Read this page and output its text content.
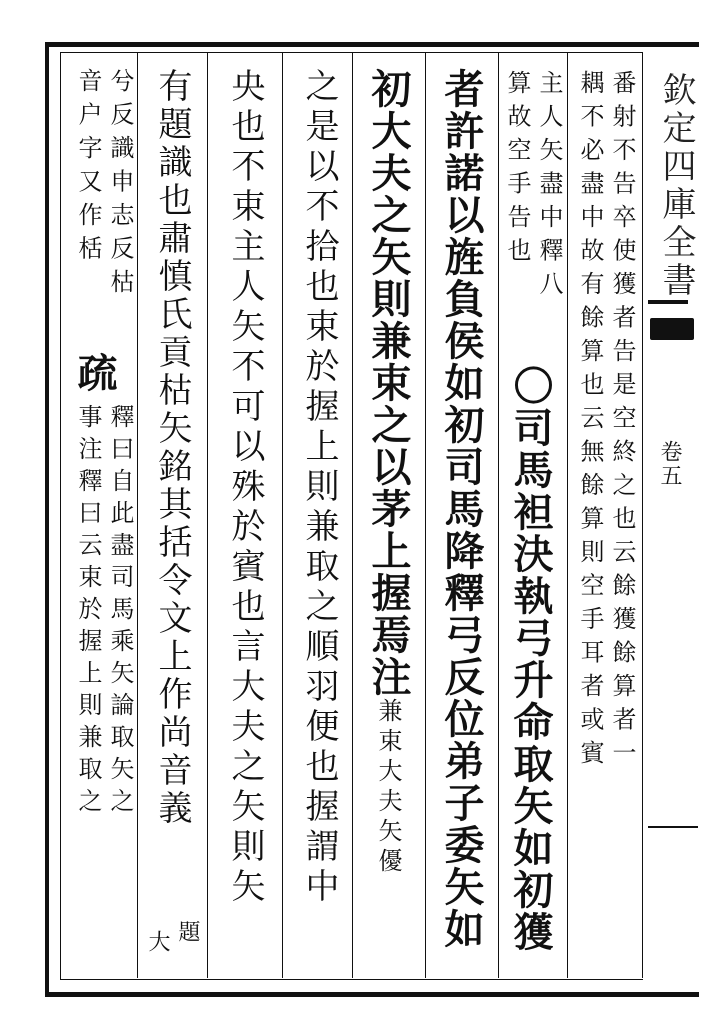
欽定四庫全書
卷五
番射不告卒使獲者告是空終之也云餘獲餘算者一
耦不必盡中故有餘算也云無餘算則空手耳者或賓
主人矢盡中釋八
算故空手告也
〇司馬袒決執弓升命取矢如初獲
者許諾以旌負侯如初司馬降釋弓反位弟子委矢如
初大夫之矢則兼束之以茅上握焉注兼束大夫矢優
之是以不拾也束於握上則兼取之順羽便也握謂中
央也不束主人矢不可以殊於賓也言大夫之矢則矢
有題識也肅慎氏貢枯矢銘其括令文上作尚音義
題
大
兮反識申志反枯
音户字又作栝
疏
釋曰自此盡司馬乘矢論取矢之
事注釋曰云束於握上則兼取之
